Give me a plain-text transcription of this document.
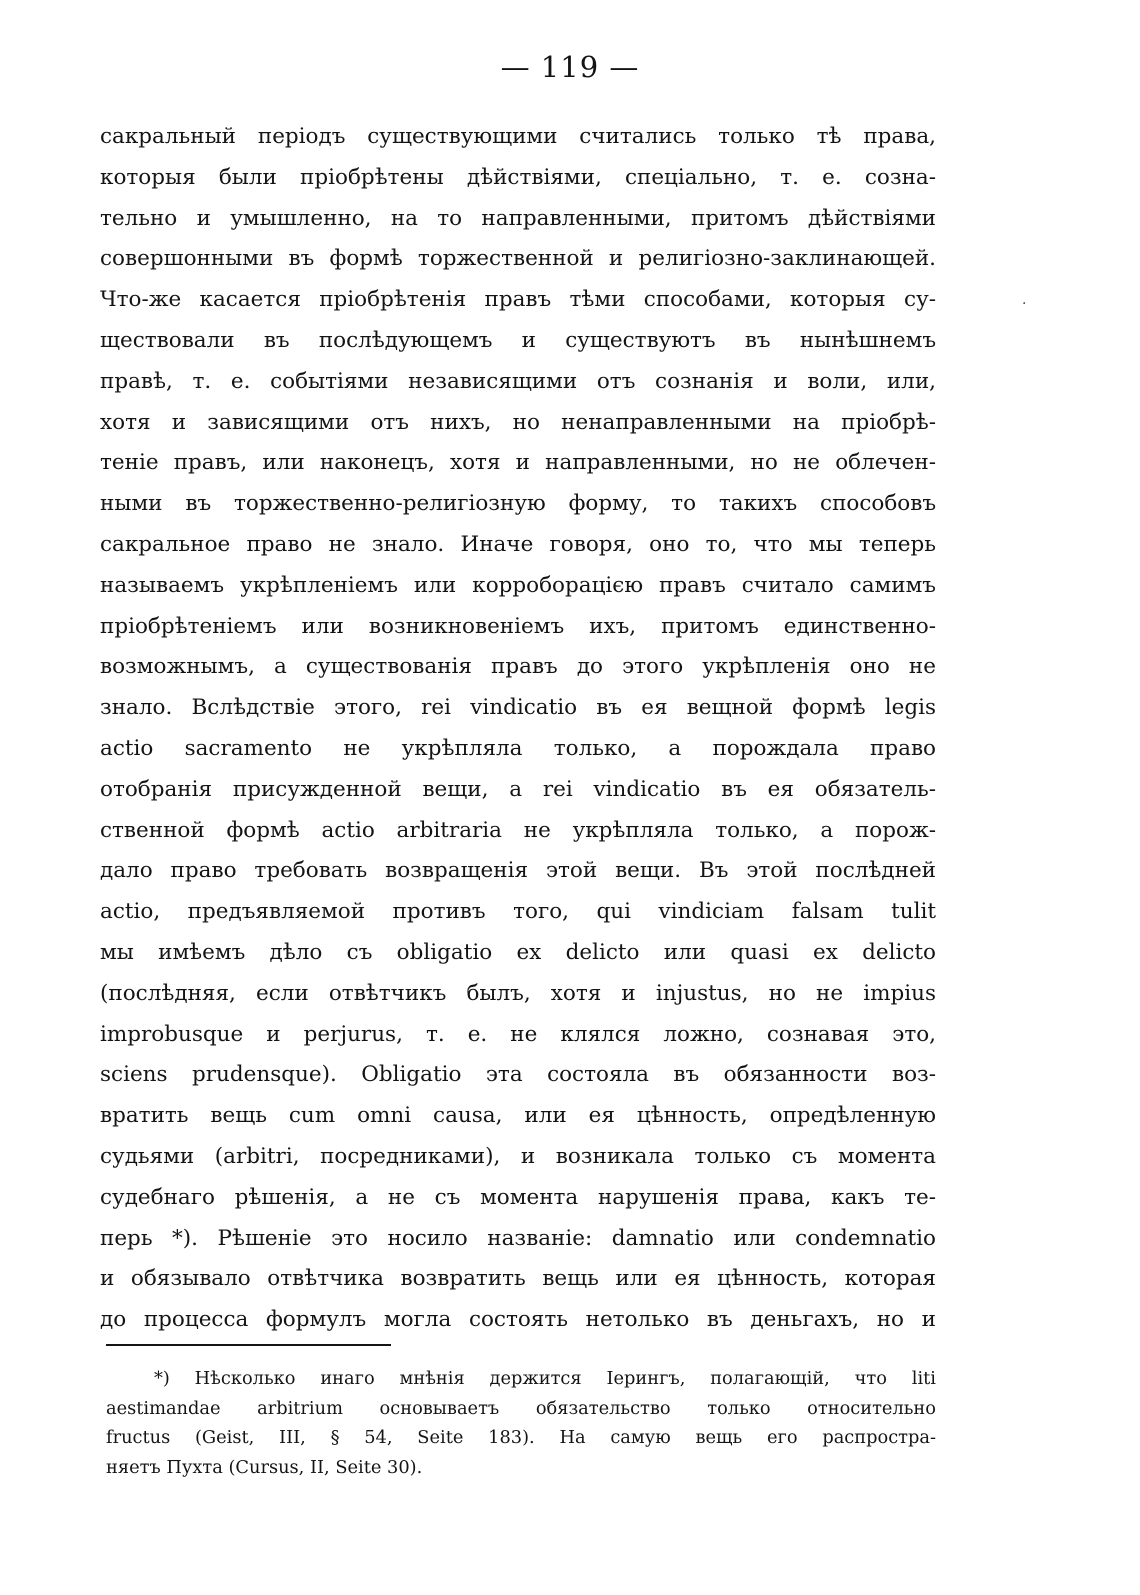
— 119 —
сакральный періодъ существующими считались только тѣ права,
которыя были пріобрѣтены дѣйствіями, спеціально, т. е. созна-
тельно и умышленно, на то направленными, притомъ дѣйствіями
совершонными въ формѣ торжественной и религіозно-заклинающей.
Что-же касается пріобрѣтенія правъ тѣми способами, которыя су-
ществовали въ послѣдующемъ и существуютъ въ нынѣшнемъ
правѣ, т. е. событіями независящими отъ сознанія и воли, или,
хотя и зависящими отъ нихъ, но ненаправленными на пріобрѣ-
теніе правъ, или наконецъ, хотя и направленными, но не облечен-
ными въ торжественно-религіозную форму, то такихъ способовъ
сакральное право не знало. Иначе говоря, оно то, что мы теперь
называемъ укрѣпленіемъ или корроборацією правъ считало самимъ
пріобрѣтеніемъ или возникновеніемъ ихъ, притомъ единственно-
возможнымъ, а существованія правъ до этого укрѣпленія оно не
знало. Вслѣдствіе этого, rei vindicatio въ ея вещной формѣ legis
actio sacramento не укрѣпляла только, а порождала право
отобранія присужденной вещи, а rei vindicatio въ ея обязатель-
ственной формѣ actio arbitraria не укрѣпляла только, а порож-
дало право требовать возвращенія этой вещи. Въ этой послѣдней
actio, предъявляемой противъ того, qui vindiciam falsam tulit
мы имѣемъ дѣло съ obligatio ex delicto или quasi ex delicto
(послѣдняя, если отвѣтчикъ былъ, хотя и injustus, но не impius
improbusque и perjurus, т. е. не клялся ложно, сознавая это,
sciens prudensque). Obligatio эта состояла въ обязанности воз-
вратить вещь cum omni causa, или ея цѣнность, опредѣленную
судьями (arbitri, посредниками), и возникала только съ момента
судебнаго рѣшенія, а не съ момента нарушенія права, какъ те-
перь *). Рѣшеніе это носило названіе: damnatio или condemnatio
и обязывало отвѣтчика возвратить вещь или ея цѣнность, которая
до процесса формулъ могла состоять нетолько въ деньгахъ, но и
*) Нѣсколько инаго мнѣнія держится Іерингъ, полагающій, что liti
aestimandae arbitrium основываетъ обязательство только относительно
fructus (Geist, III, § 54, Seite 183). На самую вещь его распростра-
няетъ Пухта (Cursus, II, Seite 30).
·
